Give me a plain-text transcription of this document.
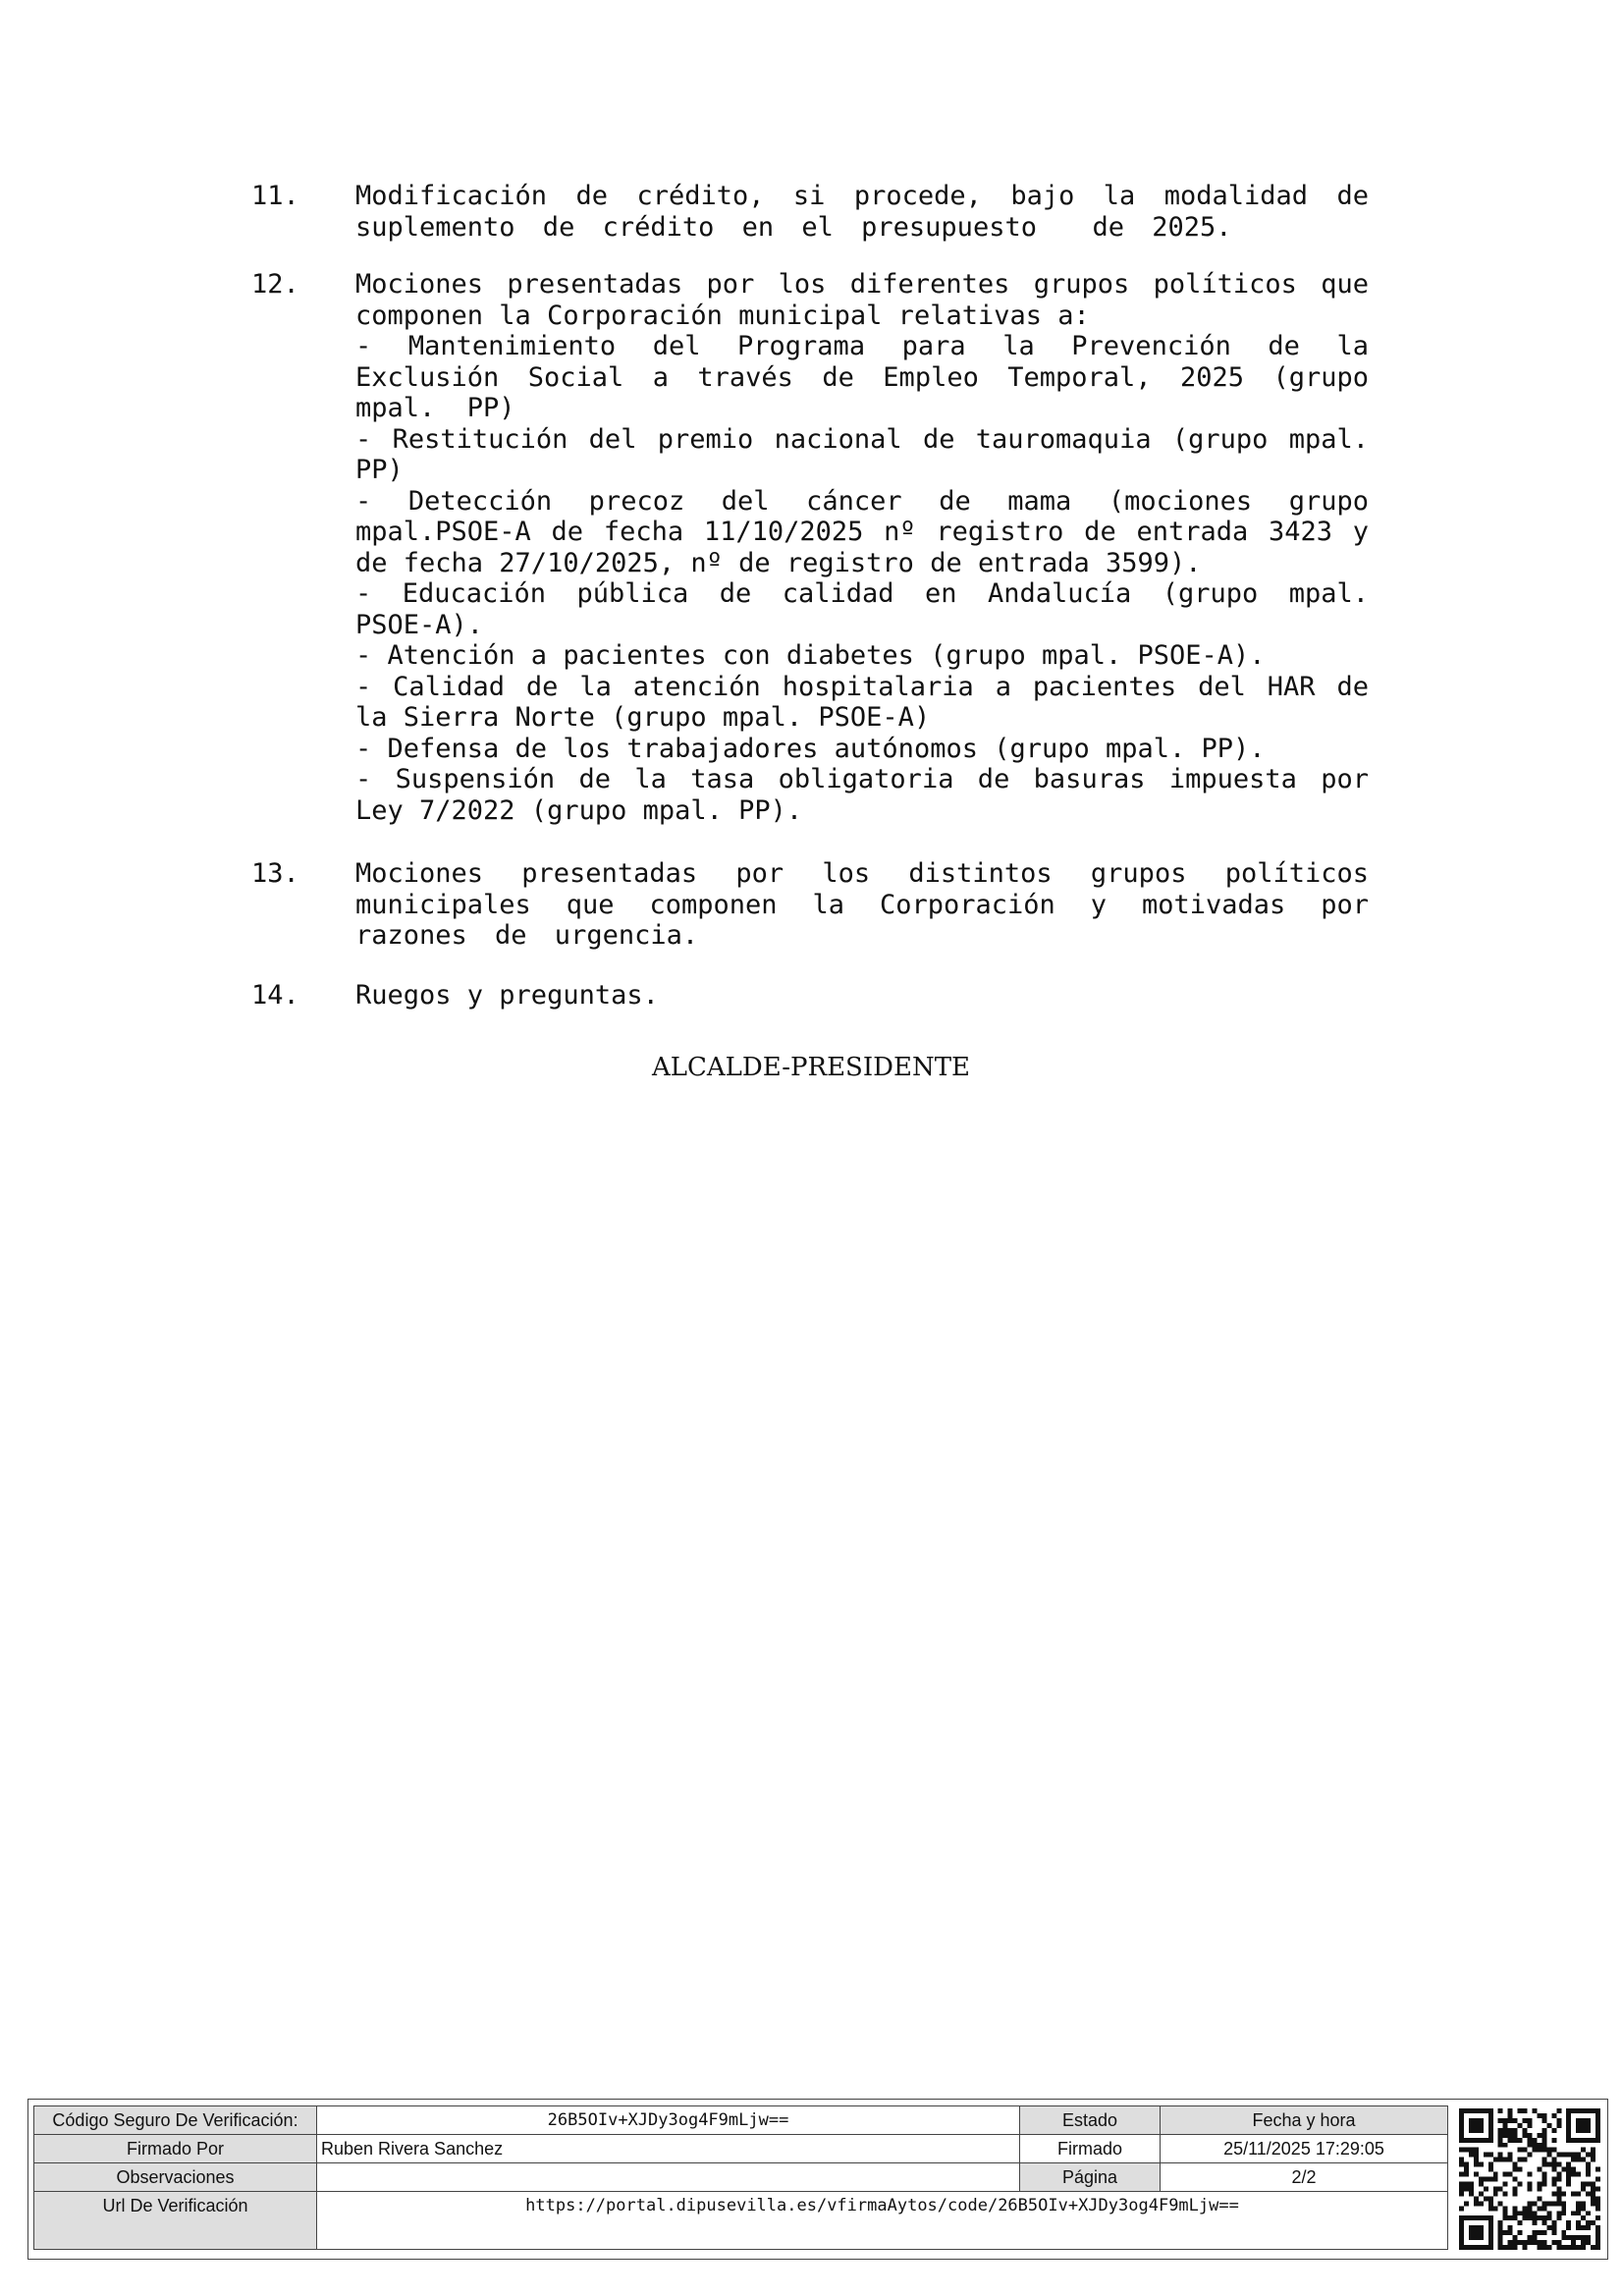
11. Modificación de crédito, si procede, bajo la modalidad de
suplemento de crédito en el presupuesto  de 2025.
12. Mociones presentadas por los diferentes grupos políticos que
componen la Corporación municipal relativas a:
- Mantenimiento del Programa para la Prevención de la
Exclusión Social a través de Empleo Temporal, 2025 (grupo
mpal.  PP)
- Restitución del premio nacional de tauromaquia (grupo mpal.
PP)
- Detección precoz del cáncer de mama (mociones grupo
mpal.PSOE-A de fecha 11/10/2025 nº registro de entrada 3423 y
de fecha 27/10/2025, nº de registro de entrada 3599).
- Educación pública de calidad en Andalucía (grupo mpal.
PSOE-A).
- Atención a pacientes con diabetes (grupo mpal. PSOE-A).
- Calidad de la atención hospitalaria a pacientes del HAR de
la Sierra Norte (grupo mpal. PSOE-A)
- Defensa de los trabajadores autónomos (grupo mpal. PP).
- Suspensión de la tasa obligatoria de basuras impuesta por
Ley 7/2022 (grupo mpal. PP).
13. Mociones presentadas por los distintos grupos políticos
municipales que componen la Corporación y motivadas por
razones de urgencia.
14. Ruegos y preguntas.
ALCALDE-PRESIDENTE
Código Seguro De Verificación:	26B5OIv+XJDy3og4F9mLjw==	Estado	Fecha y hora
Firmado Por	Ruben Rivera Sanchez	Firmado	25/11/2025 17:29:05
Observaciones		Página	2/2
Url De Verificación	https://portal.dipusevilla.es/vfirmaAytos/code/26B5OIv+XJDy3og4F9mLjw==		
